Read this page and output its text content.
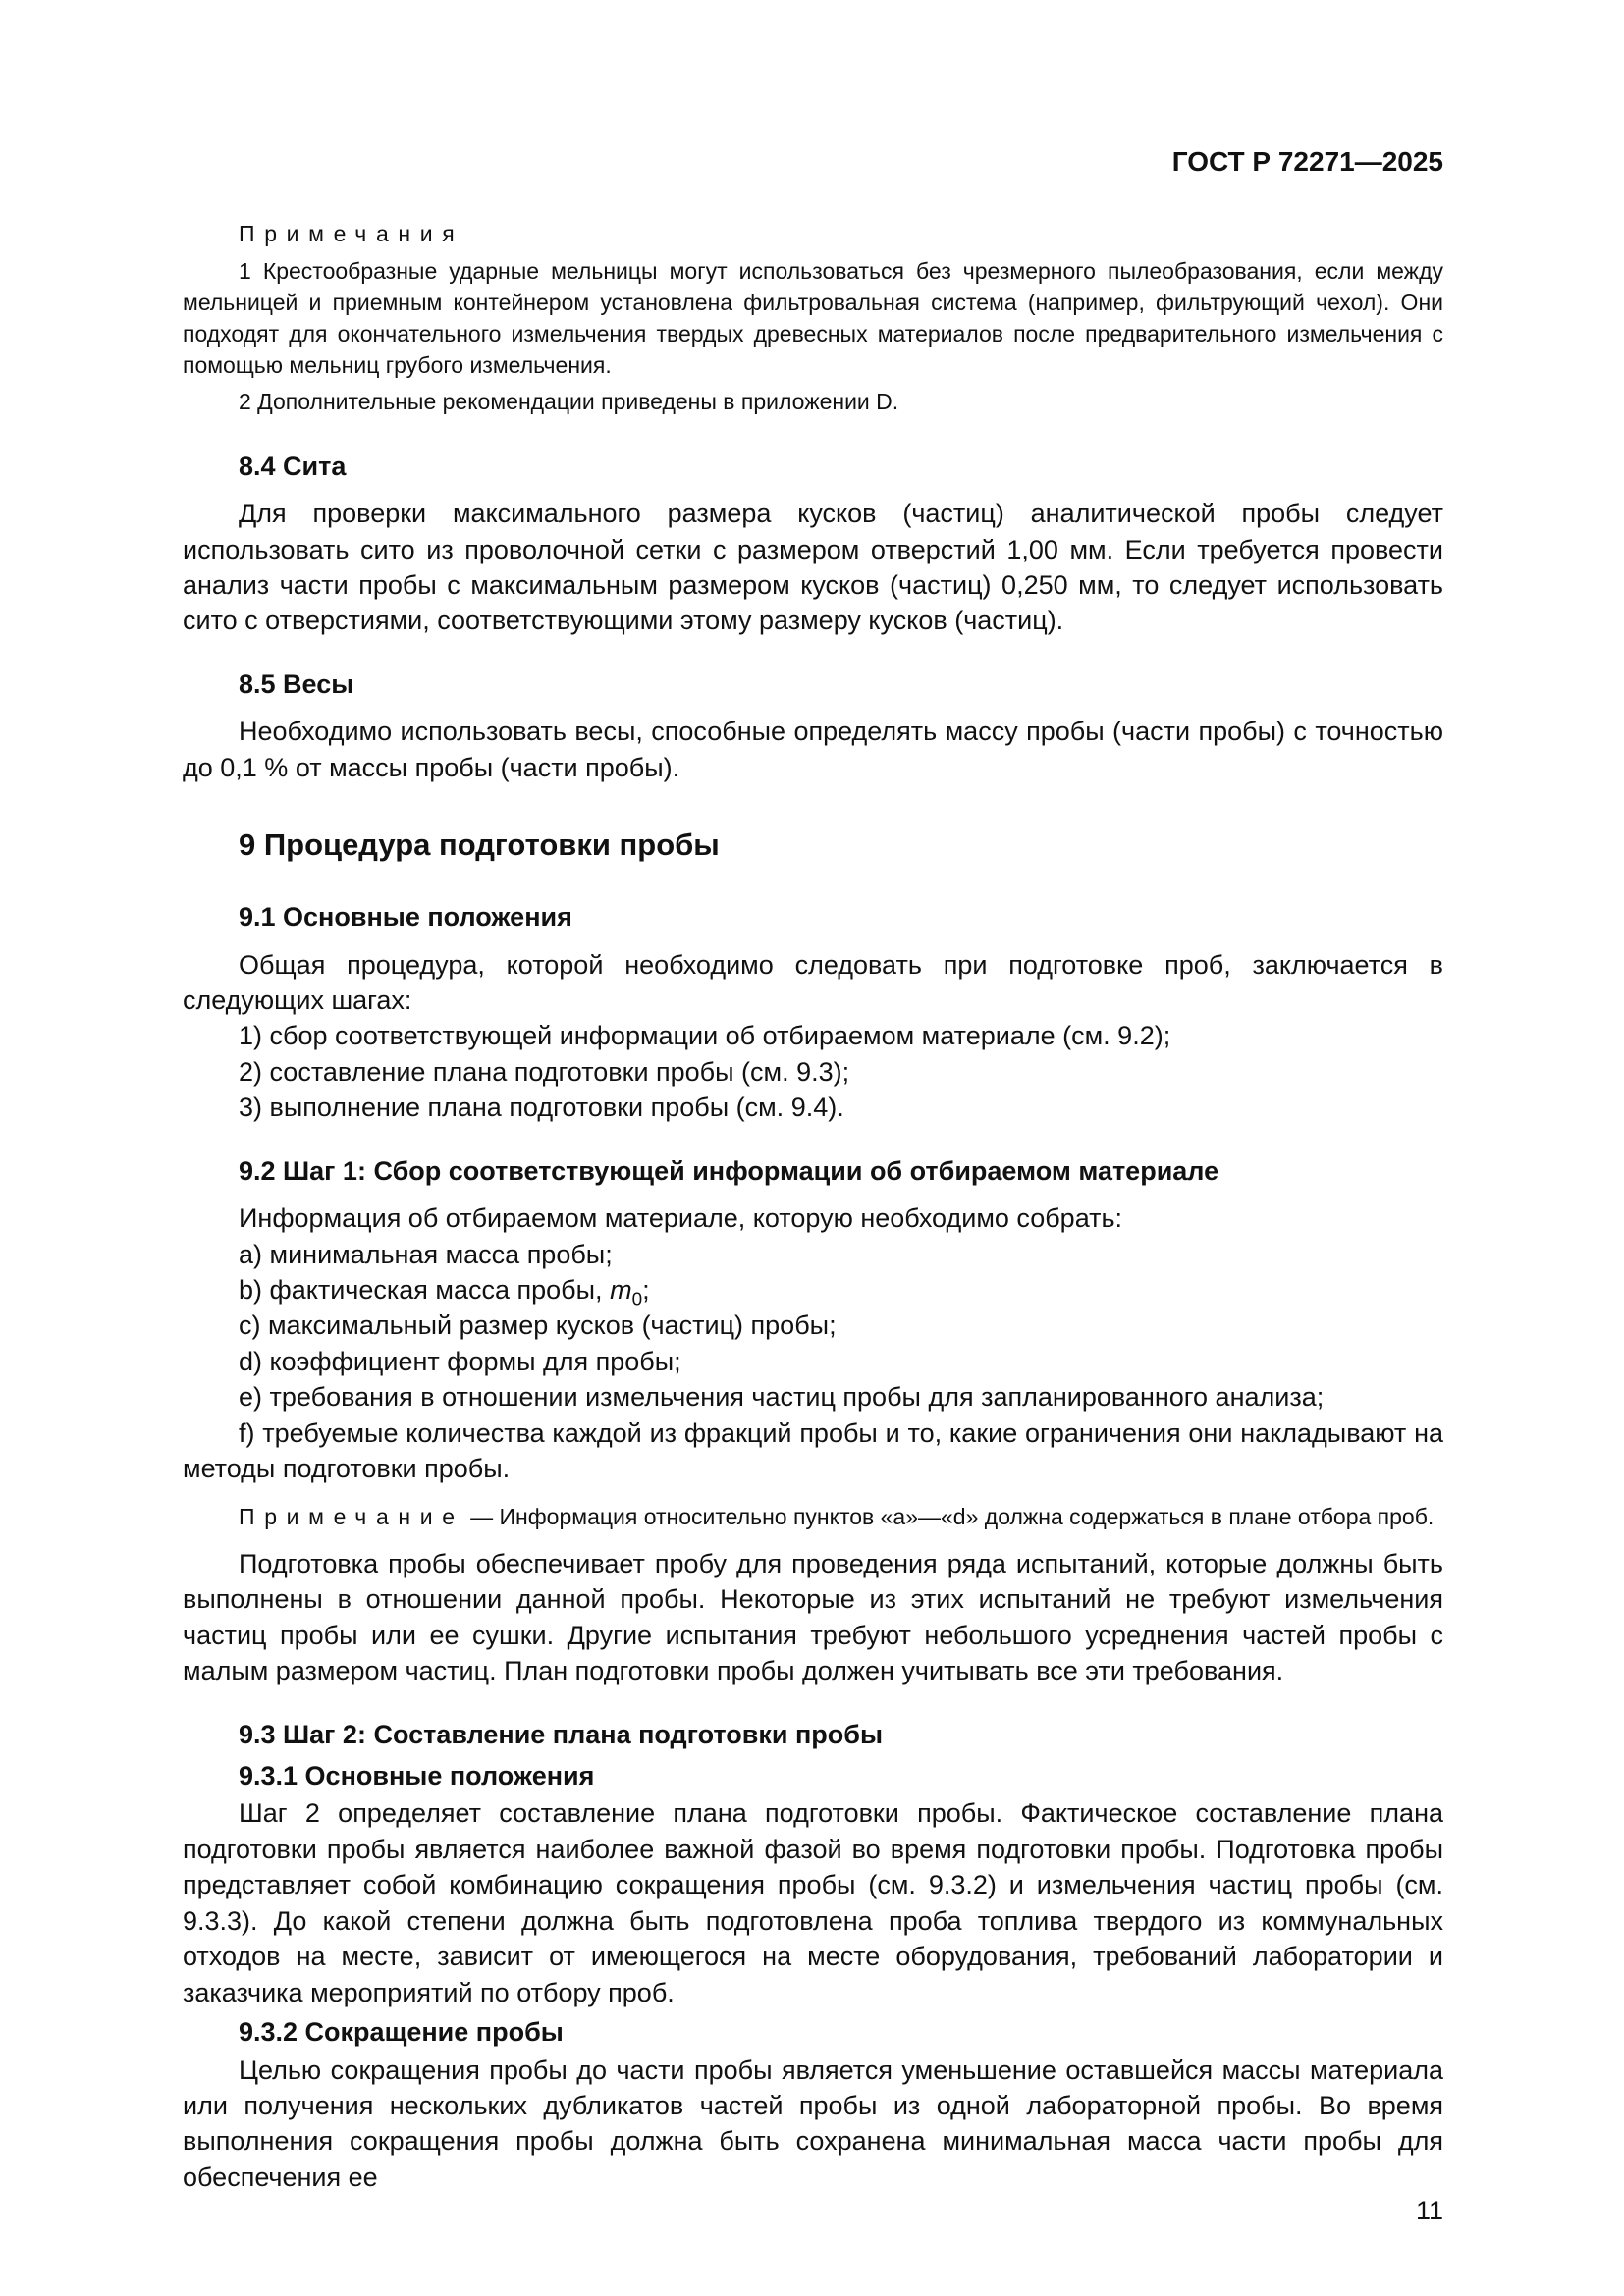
ГОСТ Р 72271—2025

Примечания

1 Крестообразные ударные мельницы могут использоваться без чрезмерного пылеобразования, если между мельницей и приемным контейнером установлена фильтровальная система (например, фильтрующий чехол). Они подходят для окончательного измельчения твердых древесных материалов после предварительного измельчения с помощью мельниц грубого измельчения.

2 Дополнительные рекомендации приведены в приложении D.

8.4 Сита

Для проверки максимального размера кусков (частиц) аналитической пробы следует использовать сито из проволочной сетки с размером отверстий 1,00 мм. Если требуется провести анализ части пробы с максимальным размером кусков (частиц) 0,250 мм, то следует использовать сито с отверстиями, соответствующими этому размеру кусков (частиц).

8.5 Весы

Необходимо использовать весы, способные определять массу пробы (части пробы) с точностью до 0,1 % от массы пробы (части пробы).

9 Процедура подготовки пробы
9.1 Основные положения

Общая процедура, которой необходимо следовать при подготовке проб, заключается в следующих шагах:

1) сбор соответствующей информации об отбираемом материале (см. 9.2);

2) составление плана подготовки пробы (см. 9.3);

3) выполнение плана подготовки пробы (см. 9.4).

9.2 Шаг 1: Сбор соответствующей информации об отбираемом материале

Информация об отбираемом материале, которую необходимо собрать:

a) минимальная масса пробы;

b) фактическая масса пробы, $m_0$;

c) максимальный размер кусков (частиц) пробы;

d) коэффициент формы для пробы;

e) требования в отношении измельчения частиц пробы для запланированного анализа;

f) требуемые количества каждой из фракций пробы и то, какие ограничения они накладывают на методы подготовки пробы.

Примечание — Информация относительно пунктов «a»—«d» должна содержаться в плане отбора проб.

Подготовка пробы обеспечивает пробу для проведения ряда испытаний, которые должны быть выполнены в отношении данной пробы. Некоторые из этих испытаний не требуют измельчения частиц пробы или ее сушки. Другие испытания требуют небольшого усреднения частей пробы с малым размером частиц. План подготовки пробы должен учитывать все эти требования.

9.3 Шаг 2: Составление плана подготовки пробы
9.3.1 Основные положения

Шаг 2 определяет составление плана подготовки пробы. Фактическое составление плана подготовки пробы является наиболее важной фазой во время подготовки пробы. Подготовка пробы представляет собой комбинацию сокращения пробы (см. 9.3.2) и измельчения частиц пробы (см. 9.3.3). До какой степени должна быть подготовлена проба топлива твердого из коммунальных отходов на месте, зависит от имеющегося на месте оборудования, требований лаборатории и заказчика мероприятий по отбору проб.

9.3.2 Сокращение пробы

Целью сокращения пробы до части пробы является уменьшение оставшейся массы материала или получения нескольких дубликатов частей пробы из одной лабораторной пробы. Во время выполнения сокращения пробы должна быть сохранена минимальная масса части пробы для обеспечения ее

11
